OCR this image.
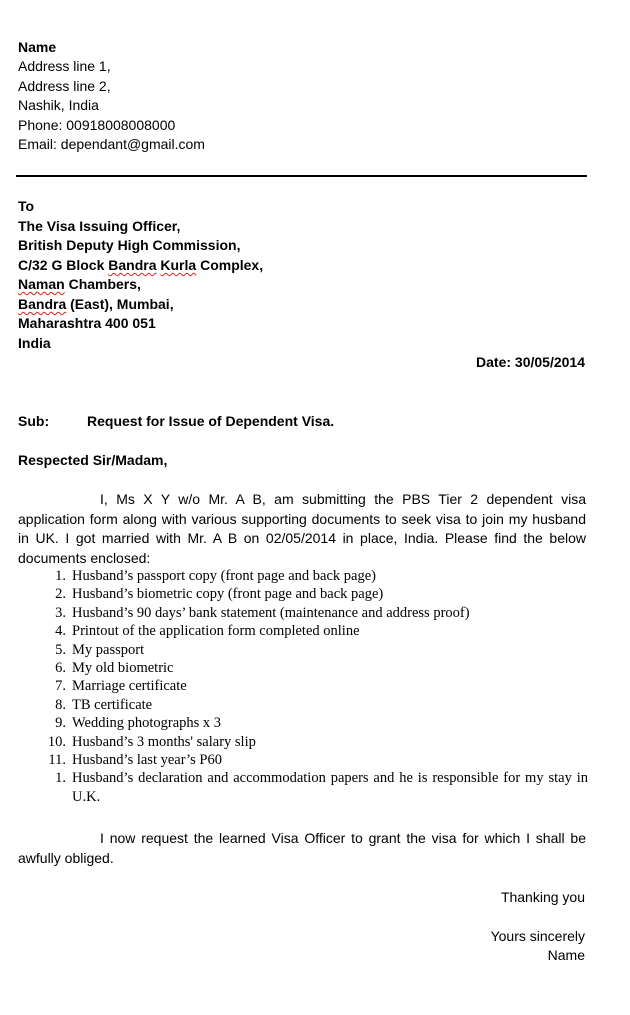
Name
Address line 1,
Address line 2,
Nashik, India
Phone: 00918008008000
Email: dependant@gmail.com
To
The Visa Issuing Officer,
British Deputy High Commission,
C/32 G Block Bandra Kurla Complex,
Naman Chambers,
Bandra (East), Mumbai,
Maharashtra 400 051
India
Date: 30/05/2014
Sub:	Request for Issue of Dependent Visa.
Respected Sir/Madam,
I, Ms X Y w/o Mr. A B, am submitting the PBS Tier 2 dependent visa application form along with various supporting documents to seek visa to join my husband in UK. I got married with Mr. A B on 02/05/2014 in place, India. Please find the below documents enclosed:
1. Husband’s passport copy (front page and back page)
2. Husband’s biometric copy (front page and back page)
3. Husband’s 90 days’ bank statement (maintenance and address proof)
4. Printout of the application form completed online
5. My passport
6. My old biometric
7. Marriage certificate
8. TB certificate
9. Wedding photographs x 3
10. Husband’s 3 months' salary slip
11. Husband’s last year’s P60
1. Husband’s declaration and accommodation papers and he is responsible for my stay in U.K.
I now request the learned Visa Officer to grant the visa for which I shall be awfully obliged.
Thanking you
Yours sincerely
Name
